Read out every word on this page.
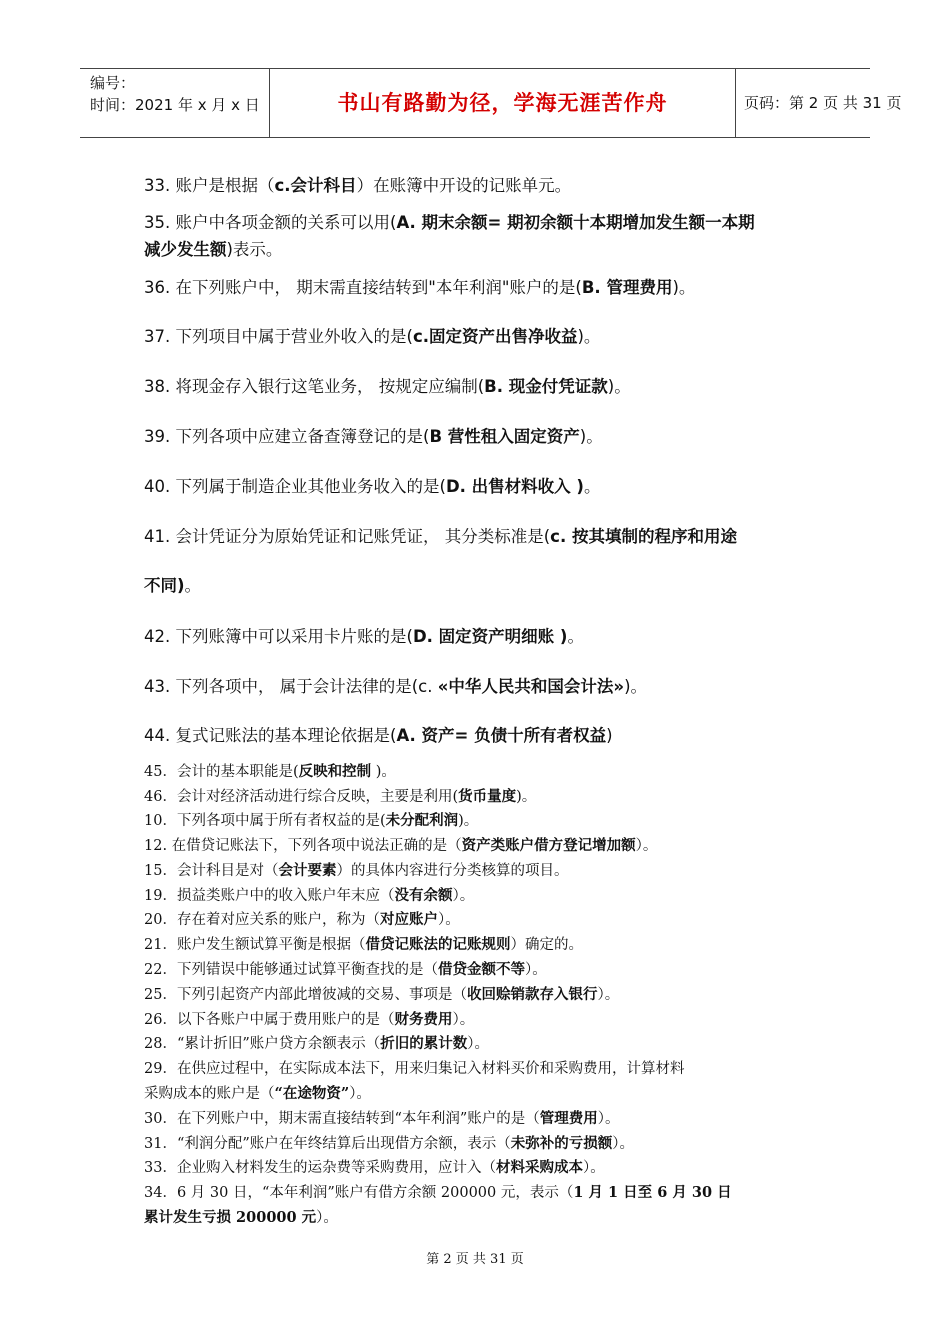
编号：
时间：2021 年 x 月 x 日	书山有路勤为径，学海无涯苦作舟	页码：第 2 页 共 31 页
33. 账户是根据（c.会计科目）在账簿中开设的记账单元。
35. 账户中各项金额的关系可以用(A. 期末余额= 期初余额十本期增加发生额一本期
减少发生额)表示。
36. 在下列账户中， 期末需直接结转到"本年利润"账户的是(B. 管理费用)。
37. 下列项目中属于营业外收入的是(c.固定资产出售净收益)。
38. 将现金存入银行这笔业务， 按规定应编制(B. 现金付凭证款)。
39. 下列各项中应建立备查簿登记的是(B 营性租入固定资产)。
40. 下列属于制造企业其他业务收入的是(D. 出售材料收入 )。
41. 会计凭证分为原始凭证和记账凭证， 其分类标准是(c. 按其填制的程序和用途
不同)。
42. 下列账簿中可以采用卡片账的是(D. 固定资产明细账 )。
43. 下列各项中， 属于会计法律的是(c. «中华人民共和国会计法»)。
44. 复式记账法的基本理论依据是(A. 资产= 负债十所有者权益)
45．会计的基本职能是(反映和控制 )。
46．会计对经济活动进行综合反映，主要是利用(货币量度)。
10．下列各项中属于所有者权益的是(未分配利润)。
12. 在借贷记账法下，下列各项中说法正确的是（资产类账户借方登记增加额）。
15．会计科目是对（会计要素）的具体内容进行分类核算的项目。
19．损益类账户中的收入账户年末应（没有余额）。
20．存在着对应关系的账户，称为（对应账户）。
21．账户发生额试算平衡是根据（借贷记账法的记账规则）确定的。
22．下列错误中能够通过试算平衡查找的是（借贷金额不等）。
25．下列引起资产内部此增彼减的交易、事项是（收回赊销款存入银行）。
26．以下各账户中属于费用账户的是（财务费用）。
28．“累计折旧”账户贷方余额表示（折旧的累计数）。
29．在供应过程中，在实际成本法下，用来归集记入材料买价和采购费用，计算材料
采购成本的账户是（“在途物资”）。
30．在下列账户中，期末需直接结转到“本年利润”账户的是（管理费用）。
31．“利润分配”账户在年终结算后出现借方余额，表示（未弥补的亏损额）。
33．企业购入材料发生的运杂费等采购费用，应计入（材料采购成本）。
34．6 月 30 日，“本年利润”账户有借方余额 200000 元，表示（1 月 1 日至 6 月 30 日
累计发生亏损 200000 元）。
第 2 页 共 31 页
